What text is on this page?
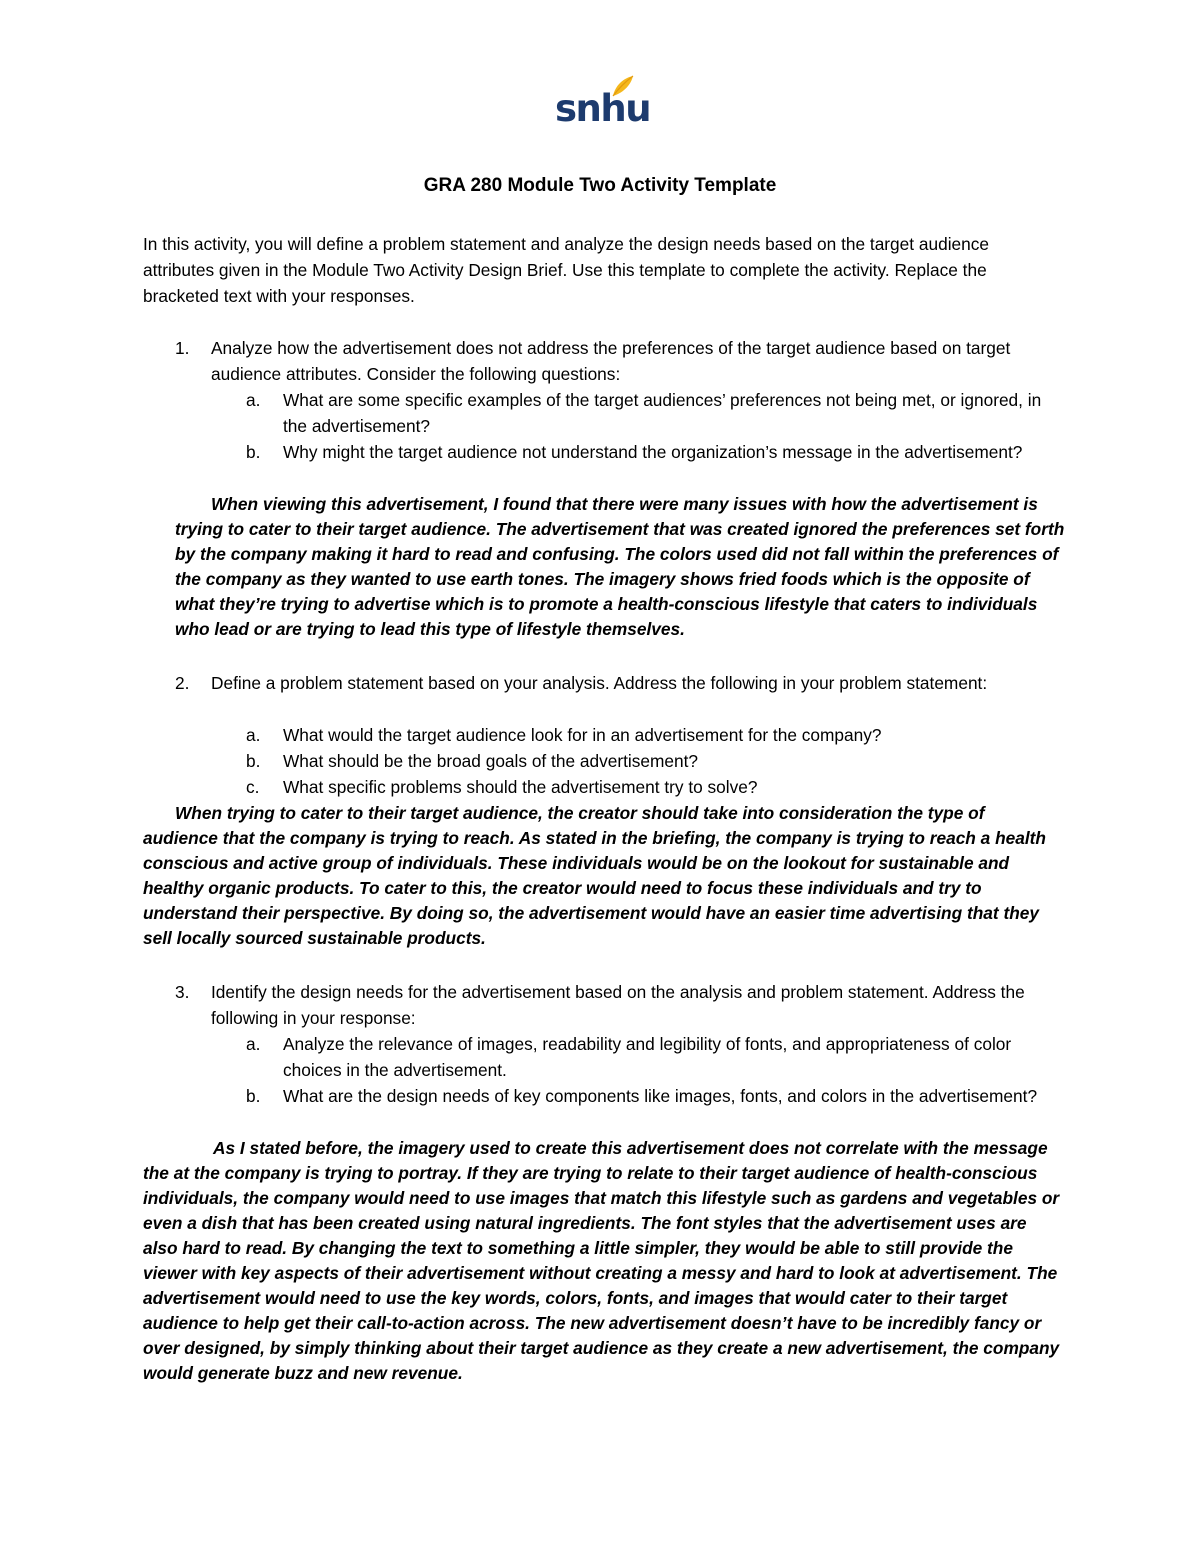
snhu
GRA 280 Module Two Activity Template

In this activity, you will define a problem statement and analyze the design needs based on the target audience attributes given in the Module Two Activity Design Brief. Use this template to complete the activity. Replace the bracketed text with your responses.

1. Analyze how the advertisement does not address the preferences of the target audience based on target audience attributes. Consider the following questions:
a. What are some specific examples of the target audiences’ preferences not being met, or ignored, in the advertisement?
b. Why might the target audience not understand the organization’s message in the advertisement?

When viewing this advertisement, I found that there were many issues with how the advertisement is trying to cater to their target audience. The advertisement that was created ignored the preferences set forth by the company making it hard to read and confusing. The colors used did not fall within the preferences of the company as they wanted to use earth tones. The imagery shows fried foods which is the opposite of what they’re trying to advertise which is to promote a health-conscious lifestyle that caters to individuals who lead or are trying to lead this type of lifestyle themselves.

2. Define a problem statement based on your analysis. Address the following in your problem statement:
a. What would the target audience look for in an advertisement for the company?
b. What should be the broad goals of the advertisement?
c. What specific problems should the advertisement try to solve?

When trying to cater to their target audience, the creator should take into consideration the type of audience that the company is trying to reach. As stated in the briefing, the company is trying to reach a health conscious and active group of individuals. These individuals would be on the lookout for sustainable and healthy organic products. To cater to this, the creator would need to focus these individuals and try to understand their perspective. By doing so, the advertisement would have an easier time advertising that they sell locally sourced sustainable products.

3. Identify the design needs for the advertisement based on the analysis and problem statement. Address the following in your response:
a. Analyze the relevance of images, readability and legibility of fonts, and appropriateness of color choices in the advertisement.
b. What are the design needs of key components like images, fonts, and colors in the advertisement?

As I stated before, the imagery used to create this advertisement does not correlate with the message the at the company is trying to portray. If they are trying to relate to their target audience of health-conscious individuals, the company would need to use images that match this lifestyle such as gardens and vegetables or even a dish that has been created using natural ingredients. The font styles that the advertisement uses are also hard to read. By changing the text to something a little simpler, they would be able to still provide the viewer with key aspects of their advertisement without creating a messy and hard to look at advertisement. The advertisement would need to use the key words, colors, fonts, and images that would cater to their target audience to help get their call-to-action across. The new advertisement doesn’t have to be incredibly fancy or over designed, by simply thinking about their target audience as they create a new advertisement, the company would generate buzz and new revenue.
